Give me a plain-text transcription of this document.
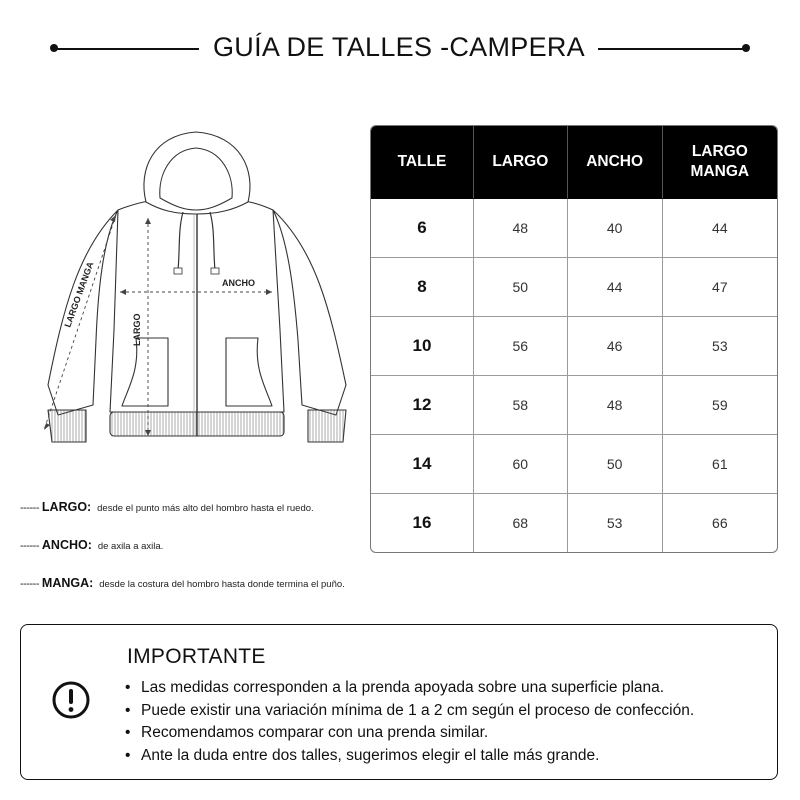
GUÍA DE TALLES -CAMPERA
LARGO MANGA	ANCHO
LARGO
------ LARGO: desde el punto más alto del hombro hasta el ruedo.
------ ANCHO: de axila a axila.
------ MANGA: desde la costura del hombro hasta donde termina el puño.
TALLE	LARGO	ANCHO	LARGO MANGA
6	48	40	44
8	50	44	47
10	56	46	53
12	58	48	59
14	60	50	61
16	68	53	66
IMPORTANTE
• Las medidas corresponden a la prenda apoyada sobre una superficie plana.
• Puede existir una variación mínima de 1 a 2 cm según el proceso de confección.
• Recomendamos comparar con una prenda similar.
• Ante la duda entre dos talles, sugerimos elegir el talle más grande.
